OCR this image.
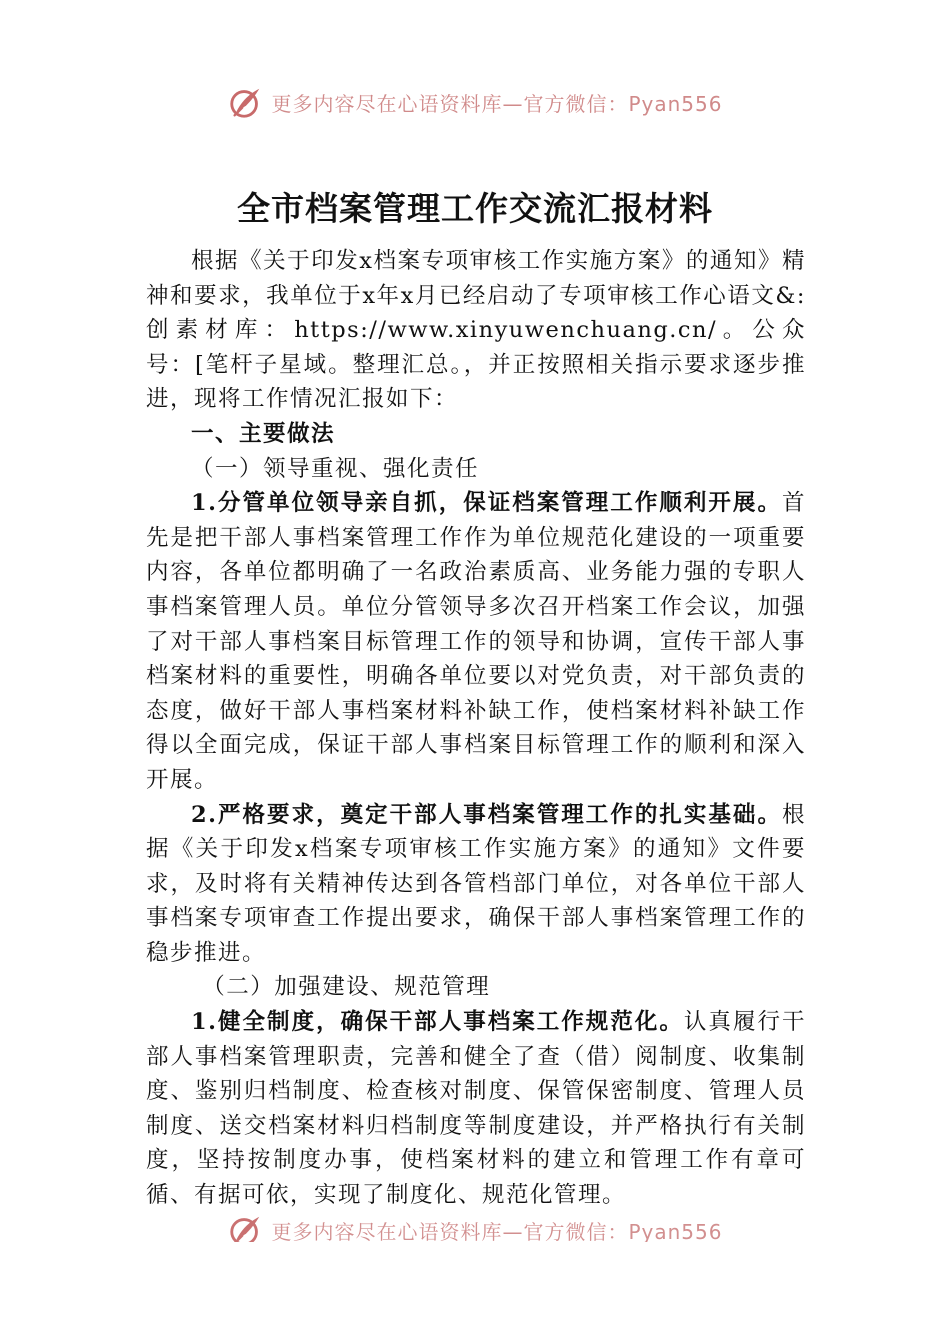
更多内容尽在心语资料库—官方微信：Pyan556
全市档案管理工作交流汇报材料

根据《关于印发x档案专项审核工作实施方案》的通知》精神和要求，我单位于x年x月已经启动了专项审核工作心语文&:创素材库：https://www.xinyuwenchuang.cn/。公众号：[笔杆子星域。整理汇总。，并正按照相关指示要求逐步推进，现将工作情况汇报如下：

一、主要做法

（一）领导重视、强化责任

1.分管单位领导亲自抓，保证档案管理工作顺利开展。首先是把干部人事档案管理工作作为单位规范化建设的一项重要内容，各单位都明确了一名政治素质高、业务能力强的专职人事档案管理人员。单位分管领导多次召开档案工作会议，加强了对干部人事档案目标管理工作的领导和协调，宣传干部人事档案材料的重要性，明确各单位要以对党负责，对干部负责的态度，做好干部人事档案材料补缺工作，使档案材料补缺工作得以全面完成，保证干部人事档案目标管理工作的顺利和深入开展。

2.严格要求，奠定干部人事档案管理工作的扎实基础。根据《关于印发x档案专项审核工作实施方案》的通知》文件要求，及时将有关精神传达到各管档部门单位，对各单位干部人事档案专项审查工作提出要求，确保干部人事档案管理工作的稳步推进。

（二）加强建设、规范管理

1.健全制度，确保干部人事档案工作规范化。认真履行干部人事档案管理职责，完善和健全了查（借）阅制度、收集制度、鉴别归档制度、检查核对制度、保管保密制度、管理人员制度、送交档案材料归档制度等制度建设，并严格执行有关制度，坚持按制度办事，使档案材料的建立和管理工作有章可循、有据可依，实现了制度化、规范化管理。

更多内容尽在心语资料库—官方微信：Pyan556
